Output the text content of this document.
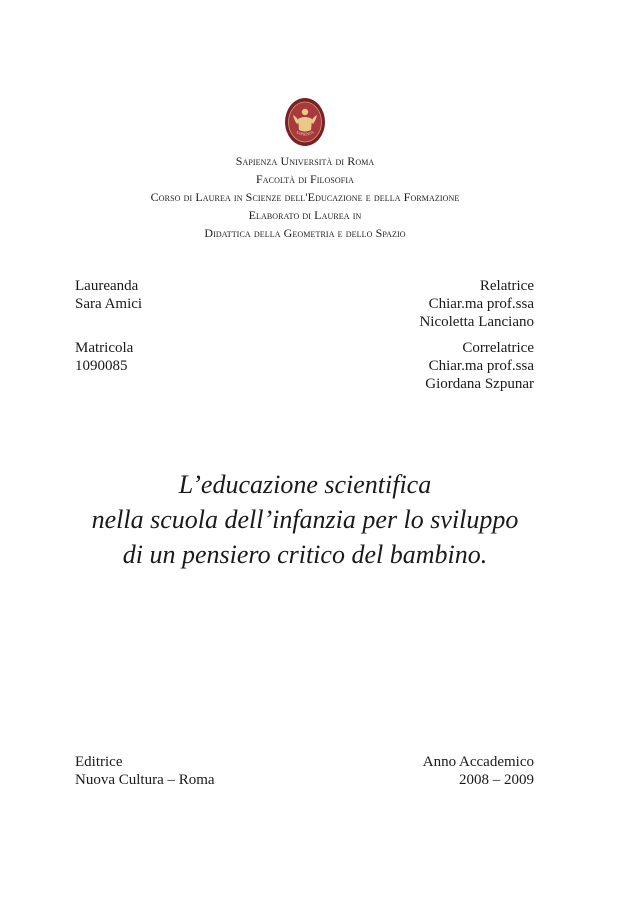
SAPIENZA
Sapienza Università di Roma
Facoltà di Filosofia
Corso di Laurea in Scienze dell'Educazione e della Formazione
Elaborato di Laurea in
Didattica della Geometria e dello Spazio
Laureanda
Sara Amici
Relatrice
Chiar.ma prof.ssa
Nicoletta Lanciano
Matricola
1090085
Correlatrice
Chiar.ma prof.ssa
Giordana Szpunar
L’educazione scientifica
nella scuola dell’infanzia per lo sviluppo
di un pensiero critico del bambino.
Editrice
Nuova Cultura – Roma
Anno Accademico
2008 – 2009
